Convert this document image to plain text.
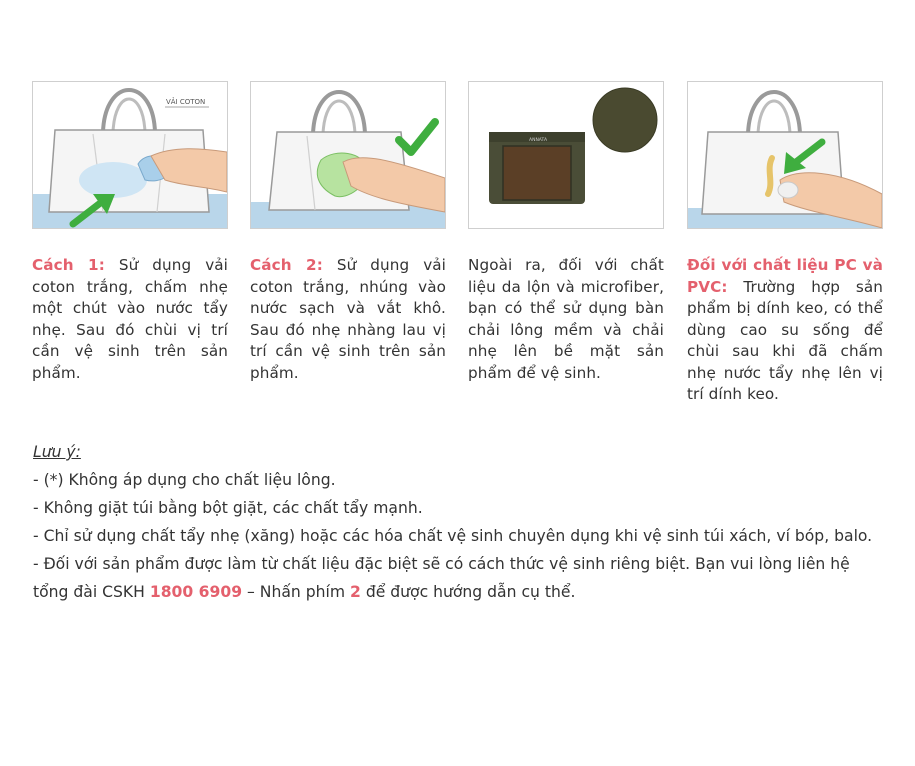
VẢI COTON
Cách 1: Sử dụng vải coton trắng, chấm nhẹ một chút vào nước tẩy nhẹ. Sau đó chùi vị trí cần vệ sinh trên sản phẩm.
Cách 2: Sử dụng vải coton trắng, nhúng vào nước sạch và vắt khô. Sau đó nhẹ nhàng lau vị trí cần vệ sinh trên sản phẩm.
ANNATA
Ngoài ra, đối với chất liệu da lộn và microfiber, bạn có thể sử dụng bàn chải lông mềm và chải nhẹ lên bề mặt sản phẩm để vệ sinh.
Đối với chất liệu PC và PVC: Trường hợp sản phẩm bị dính keo, có thể dùng cao su sống để chùi sau khi đã chấm nhẹ nước tẩy nhẹ lên vị trí dính keo.

Lưu ý:

- (*) Không áp dụng cho chất liệu lông.

- Không giặt túi bằng bột giặt, các chất tẩy mạnh.

- Chỉ sử dụng chất tẩy nhẹ (xăng) hoặc các hóa chất vệ sinh chuyên dụng khi vệ sinh túi xách, ví bóp, balo.

- Đối với sản phẩm được làm từ chất liệu đặc biệt sẽ có cách thức vệ sinh riêng biệt. Bạn vui lòng liên hệ tổng đài CSKH 1800 6909 – Nhấn phím 2 để được hướng dẫn cụ thể.
